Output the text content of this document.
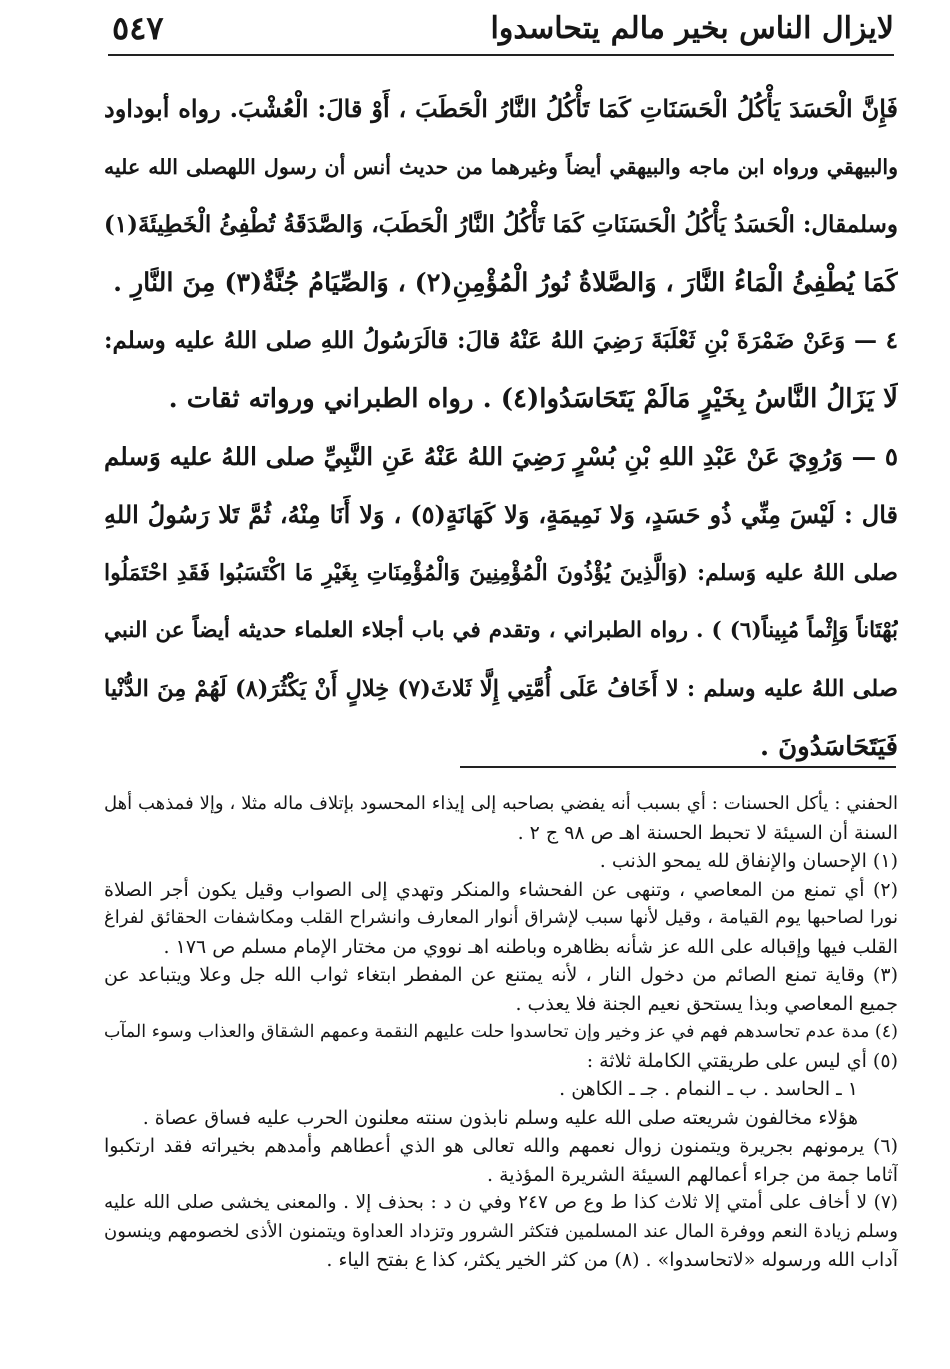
لايزال الناس بخير مالم يتحاسدوا
٥٤٧
فَإِنَّ الْحَسَدَ يَأْكُلُ الْحَسَنَاتِ كَمَا تَأْكُلُ النَّارُ الْحَطَبَ ، أَوْ قالَ: الْعُشْبَ. رواه أبوداود
والبيهقي ورواه ابن ماجه والبيهقي أيضاً وغيرهما من حديث أنس أن رسول اللهصلى الله عليه
وسلمقال: الْحَسَدُ يَأْكُلُ الْحَسَنَاتِ كَمَا تَأْكُلُ النَّارُ الْحَطَبَ، وَالصَّدَقَةُ تُطْفِئُ الْخَطِيئَةَ(١)
كَمَا يُطْفِئُ الْمَاءُ النَّارَ ، وَالصَّلاةُ نُورُ الْمُؤْمِنِ(٢) ، وَالصِّيَامُ جُنَّةٌ(٣) مِنَ النَّارِ .
٤ — وَعَنْ ضَمْرَةَ بْنِ ثَعْلَبَةَ رَضِيَ اللهُ عَنْهُ قالَ: قالَرَسُولُ اللهِ صلى اللهُ عليه وسلم:
لَا يَزَالُ النَّاسُ بِخَيْرٍ مَالَمْ يَتَحَاسَدُوا(٤) . رواه الطبراني ورواته ثقات .
٥ — وَرُوِيَ عَنْ عَبْدِ اللهِ بْنِ بُسْرٍ رَضِيَ اللهُ عَنْهُ عَنِ النَّبِيِّ صلى اللهُ عليه وَسلم
قال : لَيْسَ مِنِّي ذُو حَسَدٍ، وَلا نَمِيمَةٍ، وَلا كَهَانَةٍ(٥) ، وَلا أَنَا مِنْهُ، ثُمَّ تَلا رَسُولُ اللهِ
صلى اللهُ عليه وَسلم: (وَالَّذِينَ يُؤْذُونَ الْمُؤْمِنِينَ وَالْمُؤْمِنَاتِ بِغَيْرِ مَا اكْتَسَبُوا فَقَدِ احْتَمَلُوا
بُهْتَاناً وَإِثْماً مُبِيناً(٦) ) . رواه الطبراني ، وتقدم في باب أجلاء العلماء حديثه أيضاً عن النبي
صلى اللهُ عليه وسلم : لا أَخَافُ عَلَى أُمَّتِي إِلَّا ثَلاثَ(٧) خِلالٍ أَنْ يَكْثُرَ(٨) لَهُمْ مِنَ الدُّنْيا
فَيَتَحَاسَدُونَ .
الحفني : يأكل الحسنات : أي بسبب أنه يفضي بصاحبه إلى إيذاء المحسود بإتلاف ماله مثلا ، وإلا فمذهب أهل
السنة أن السيئة لا تحبط الحسنة اهـ ص ٩٨ ج ٢ .
(١) الإحسان والإنفاق لله يمحو الذنب .
(٢) أي تمنع من المعاصي ، وتنهى عن الفحشاء والمنكر وتهدي إلى الصواب وقيل يكون أجر الصلاة
نورا لصاحبها يوم القيامة ، وقيل لأنها سبب لإشراق أنوار المعارف وانشراح القلب ومكاشفات الحقائق لفراغ
القلب فيها وإقباله على الله عز شأنه بظاهره وباطنه اهـ نووي من مختار الإمام مسلم ص ١٧٦ .
(٣) وقاية تمنع الصائم من دخول النار ، لأنه يمتنع عن المفطر ابتغاء ثواب الله جل وعلا ويتباعد عن
جميع المعاصي وبذا يستحق نعيم الجنة فلا يعذب .
(٤) مدة عدم تحاسدهم فهم في عز وخير وإن تحاسدوا حلت عليهم النقمة وعمهم الشقاق والعذاب وسوء المآب
(٥) أي ليس على طريقتي الكاملة ثلاثة :
١ ـ الحاسد . ب ـ النمام . جـ ـ الكاهن .
هؤلاء مخالفون شريعته صلى الله عليه وسلم نابذون سنته معلنون الحرب عليه فساق عصاة .
(٦) يرمونهم بجريرة ويتمنون زوال نعمهم والله تعالى هو الذي أعطاهم وأمدهم بخيراته فقد ارتكبوا
آثاما جمة من جراء أعمالهم السيئة الشريرة المؤذية .
(٧) لا أخاف على أمتي إلا ثلاث كذا ط وع ص ٢٤٧ وفي ن د : بحذف إلا . والمعنى يخشى صلى الله عليه
وسلم زيادة النعم ووفرة المال عند المسلمين فتكثر الشرور وتزداد العداوة ويتمنون الأذى لخصومهم وينسون
آداب الله ورسوله «لاتحاسدوا» . (٨) من كثر الخير يكثر، كذا ع بفتح الياء .
